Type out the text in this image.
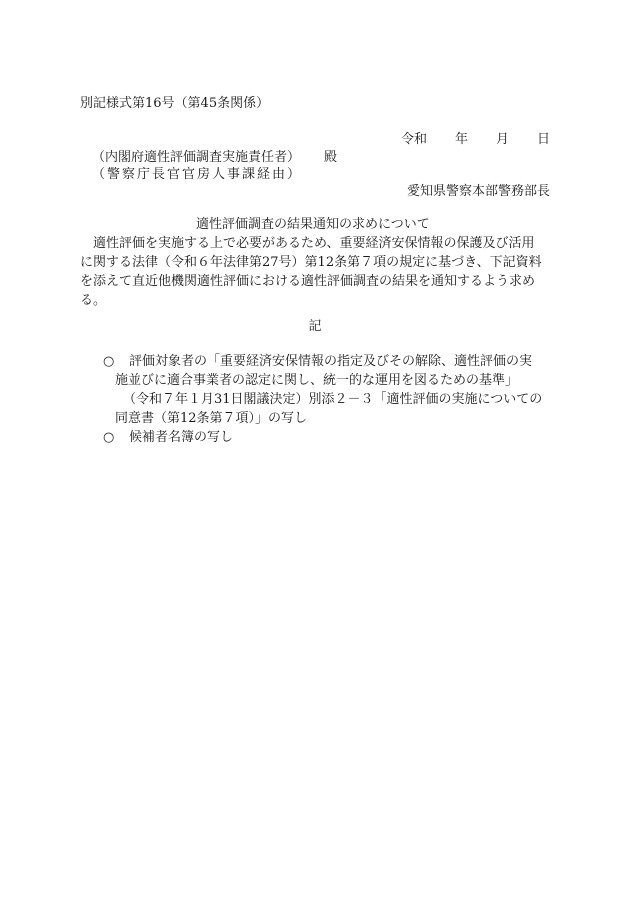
別記様式第16号（第45条関係）
令和 年 月 日
（内閣府適性評価調査実施責任者） 殿
（警察庁長官官房人事課経由）
愛知県警察本部警務部長
適性評価調査の結果通知の求めについて
　適性評価を実施する上で必要があるため、重要経済安保情報の保護及び活用
に関する法律（令和６年法律第27号）第12条第７項の規定に基づき、下記資料
を添えて直近他機関適性評価における適性評価調査の結果を通知するよう求め
る。
記
○ 評価対象者の「重要経済安保情報の指定及びその解除、適性評価の実
施並びに適合事業者の認定に関し、統一的な運用を図るための基準」
（令和７年１月31日閣議決定）別添２－３「適性評価の実施についての
同意書（第12条第７項）」の写し
○ 候補者名簿の写し
